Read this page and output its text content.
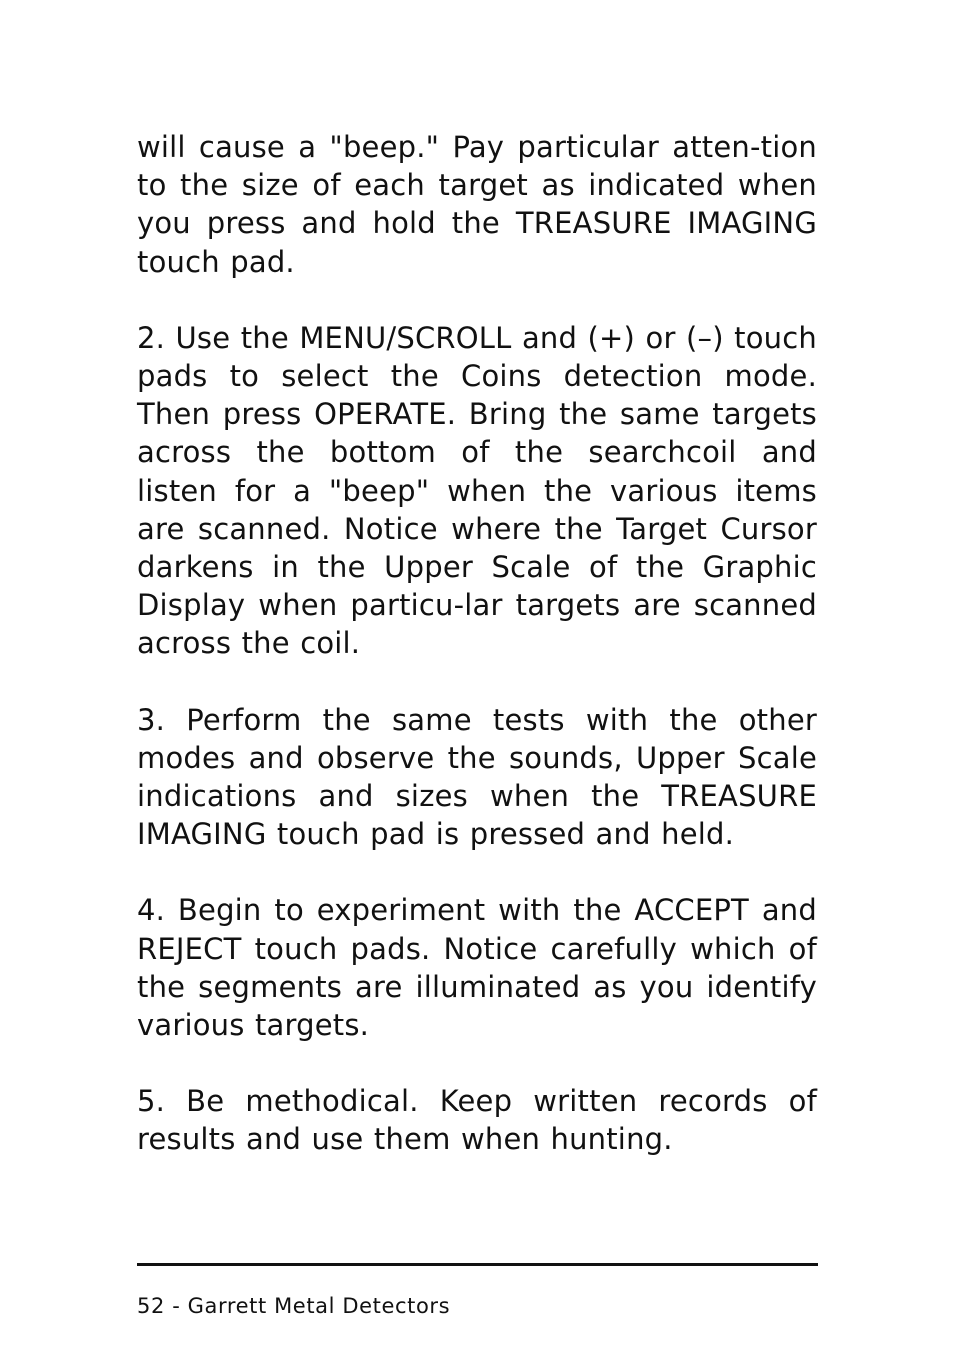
will cause a "beep." Pay particular atten-tion to the size of each target as indicated when you press and hold the TREASURE IMAGING touch pad.

2. Use the MENU/SCROLL and (+) or (–) touch pads to select the Coins detection mode. Then press OPERATE. Bring the same targets across the bottom of the searchcoil and listen for a "beep" when the various items are scanned. Notice where the Target Cursor darkens in the Upper Scale of the Graphic Display when particu-lar targets are scanned across the coil.

3. Perform the same tests with the other modes and observe the sounds, Upper Scale indications and sizes when the TREASURE IMAGING touch pad is pressed and held.

4. Begin to experiment with the ACCEPT and REJECT touch pads. Notice carefully which of the segments are illuminated as you identify various targets.

5. Be methodical. Keep written records of results and use them when hunting.

52 - Garrett Metal Detectors
